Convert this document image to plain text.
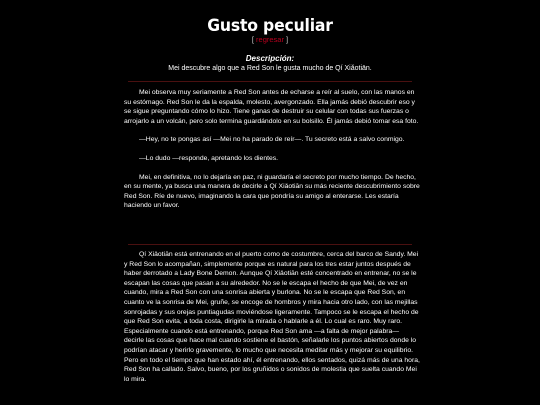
Gusto peculiar
[ regresar ]
Descripción:
Mei descubre algo que a Red Son le gusta mucho de Qí Xiǎotiān.

Mei observa muy seriamente a Red Son antes de echarse a reír al suelo, con las manos en su estómago. Red Son le da la espalda, molesto, avergonzado. Ella jamás debió descubrir eso y se sigue preguntando cómo lo hizo. Tiene ganas de destruir su celular con todas sus fuerzas o arrojarlo a un volcán, pero solo termina guardándolo en su bolsillo. Él jamás debió tomar esa foto.

—Hey, no te pongas así —Mei no ha parado de reír—. Tu secreto está a salvo conmigo.

—Lo dudo —responde, apretando los dientes.

Mei, en definitiva, no lo dejaría en paz, ni guardaría el secreto por mucho tiempo. De hecho, en su mente, ya busca una manera de decirle a Qí Xiǎotiān su más reciente descubrimiento sobre Red Son. Ríe de nuevo, imaginando la cara que pondría su amigo al enterarse. Les estaría haciendo un favor.

Qí Xiǎotiān está entrenando en el puerto como de costumbre, cerca del barco de Sandy. Mei y Red Son lo acompañan, simplemente porque es natural para los tres estar juntos después de haber derrotado a Lady Bone Demon. Aunque Qí Xiǎotiān esté concentrado en entrenar, no se le escapan las cosas que pasan a su alrededor. No se le escapa el hecho de que Mei, de vez en cuando, mira a Red Son con una sonrisa abierta y burlona. No se le escapa que Red Son, en cuanto ve la sonrisa de Mei, gruñe, se encoge de hombros y mira hacia otro lado, con las mejillas sonrojadas y sus orejas puntiagudas moviéndose ligeramente. Tampoco se le escapa el hecho de que Red Son evita, a toda costa, dirigirle la mirada o hablarle a él. Lo cual es raro. Muy raro. Especialmente cuando está entrenando, porque Red Son ama —a falta de mejor palabra— decirle las cosas que hace mal cuando sostiene el bastón, señalarle los puntos abiertos donde lo podrían atacar y herirlo gravemente, lo mucho que necesita meditar más y mejorar su equilibrio. Pero en todo el tiempo que han estado ahí, él entrenando, ellos sentados, quizá más de una hora, Red Son ha callado. Salvo, bueno, por los gruñidos o sonidos de molestia que suelta cuando Mei lo mira.
